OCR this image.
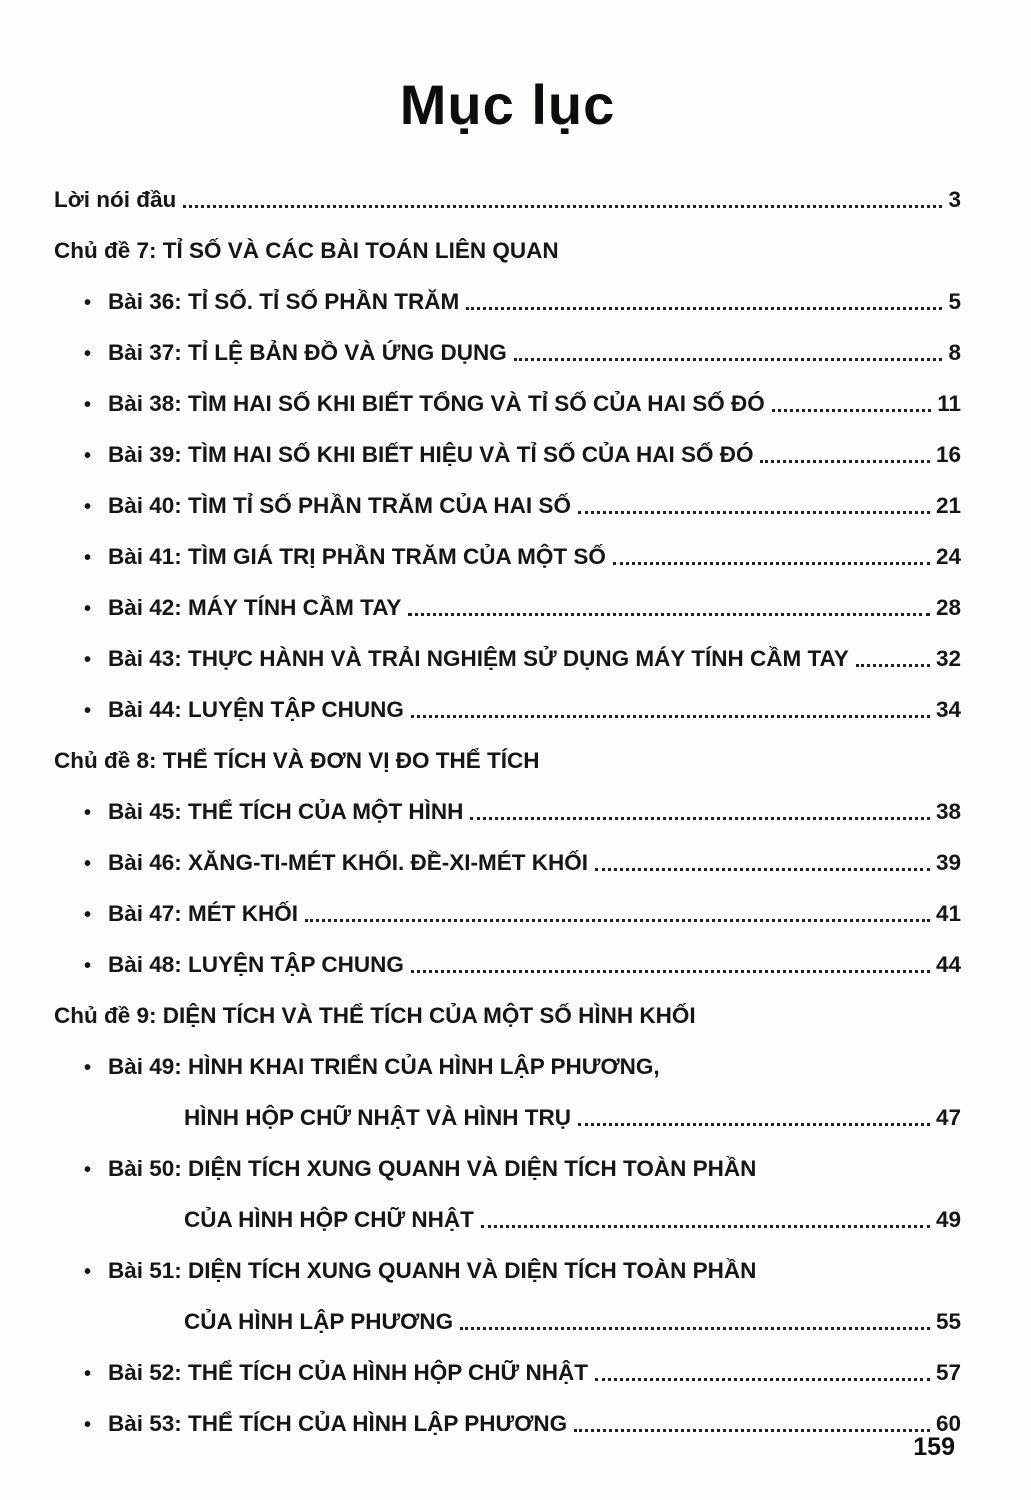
Mục lục
Lời nói đầu	3
Chủ đề 7: TỈ SỐ VÀ CÁC BÀI TOÁN LIÊN QUAN
• Bài 36: TỈ SỐ. TỈ SỐ PHẦN TRĂM	5
• Bài 37: TỈ LỆ BẢN ĐỒ VÀ ỨNG DỤNG	8
• Bài 38: TÌM HAI SỐ KHI BIẾT TỔNG VÀ TỈ SỐ CỦA HAI SỐ ĐÓ	11
• Bài 39: TÌM HAI SỐ KHI BIẾT HIỆU VÀ TỈ SỐ CỦA HAI SỐ ĐÓ	16
• Bài 40: TÌM TỈ SỐ PHẦN TRĂM CỦA HAI SỐ	21
• Bài 41: TÌM GIÁ TRỊ PHẦN TRĂM CỦA MỘT SỐ	24
• Bài 42: MÁY TÍNH CẦM TAY	28
• Bài 43: THỰC HÀNH VÀ TRẢI NGHIỆM SỬ DỤNG MÁY TÍNH CẦM TAY	32
• Bài 44: LUYỆN TẬP CHUNG	34
Chủ đề 8: THỂ TÍCH VÀ ĐƠN VỊ ĐO THỂ TÍCH
• Bài 45: THỂ TÍCH CỦA MỘT HÌNH	38
• Bài 46: XĂNG-TI-MÉT KHỐI. ĐỀ-XI-MÉT KHỐI	39
• Bài 47: MÉT KHỐI	41
• Bài 48: LUYỆN TẬP CHUNG	44
Chủ đề 9: DIỆN TÍCH VÀ THỂ TÍCH CỦA MỘT SỐ HÌNH KHỐI
• Bài 49: HÌNH KHAI TRIỂN CỦA HÌNH LẬP PHƯƠNG,
HÌNH HỘP CHỮ NHẬT VÀ HÌNH TRỤ	47
• Bài 50: DIỆN TÍCH XUNG QUANH VÀ DIỆN TÍCH TOÀN PHẦN
CỦA HÌNH HỘP CHỮ NHẬT	49
• Bài 51: DIỆN TÍCH XUNG QUANH VÀ DIỆN TÍCH TOÀN PHẦN
CỦA HÌNH LẬP PHƯƠNG	55
• Bài 52: THỂ TÍCH CỦA HÌNH HỘP CHỮ NHẬT	57
• Bài 53: THỂ TÍCH CỦA HÌNH LẬP PHƯƠNG	60
159
